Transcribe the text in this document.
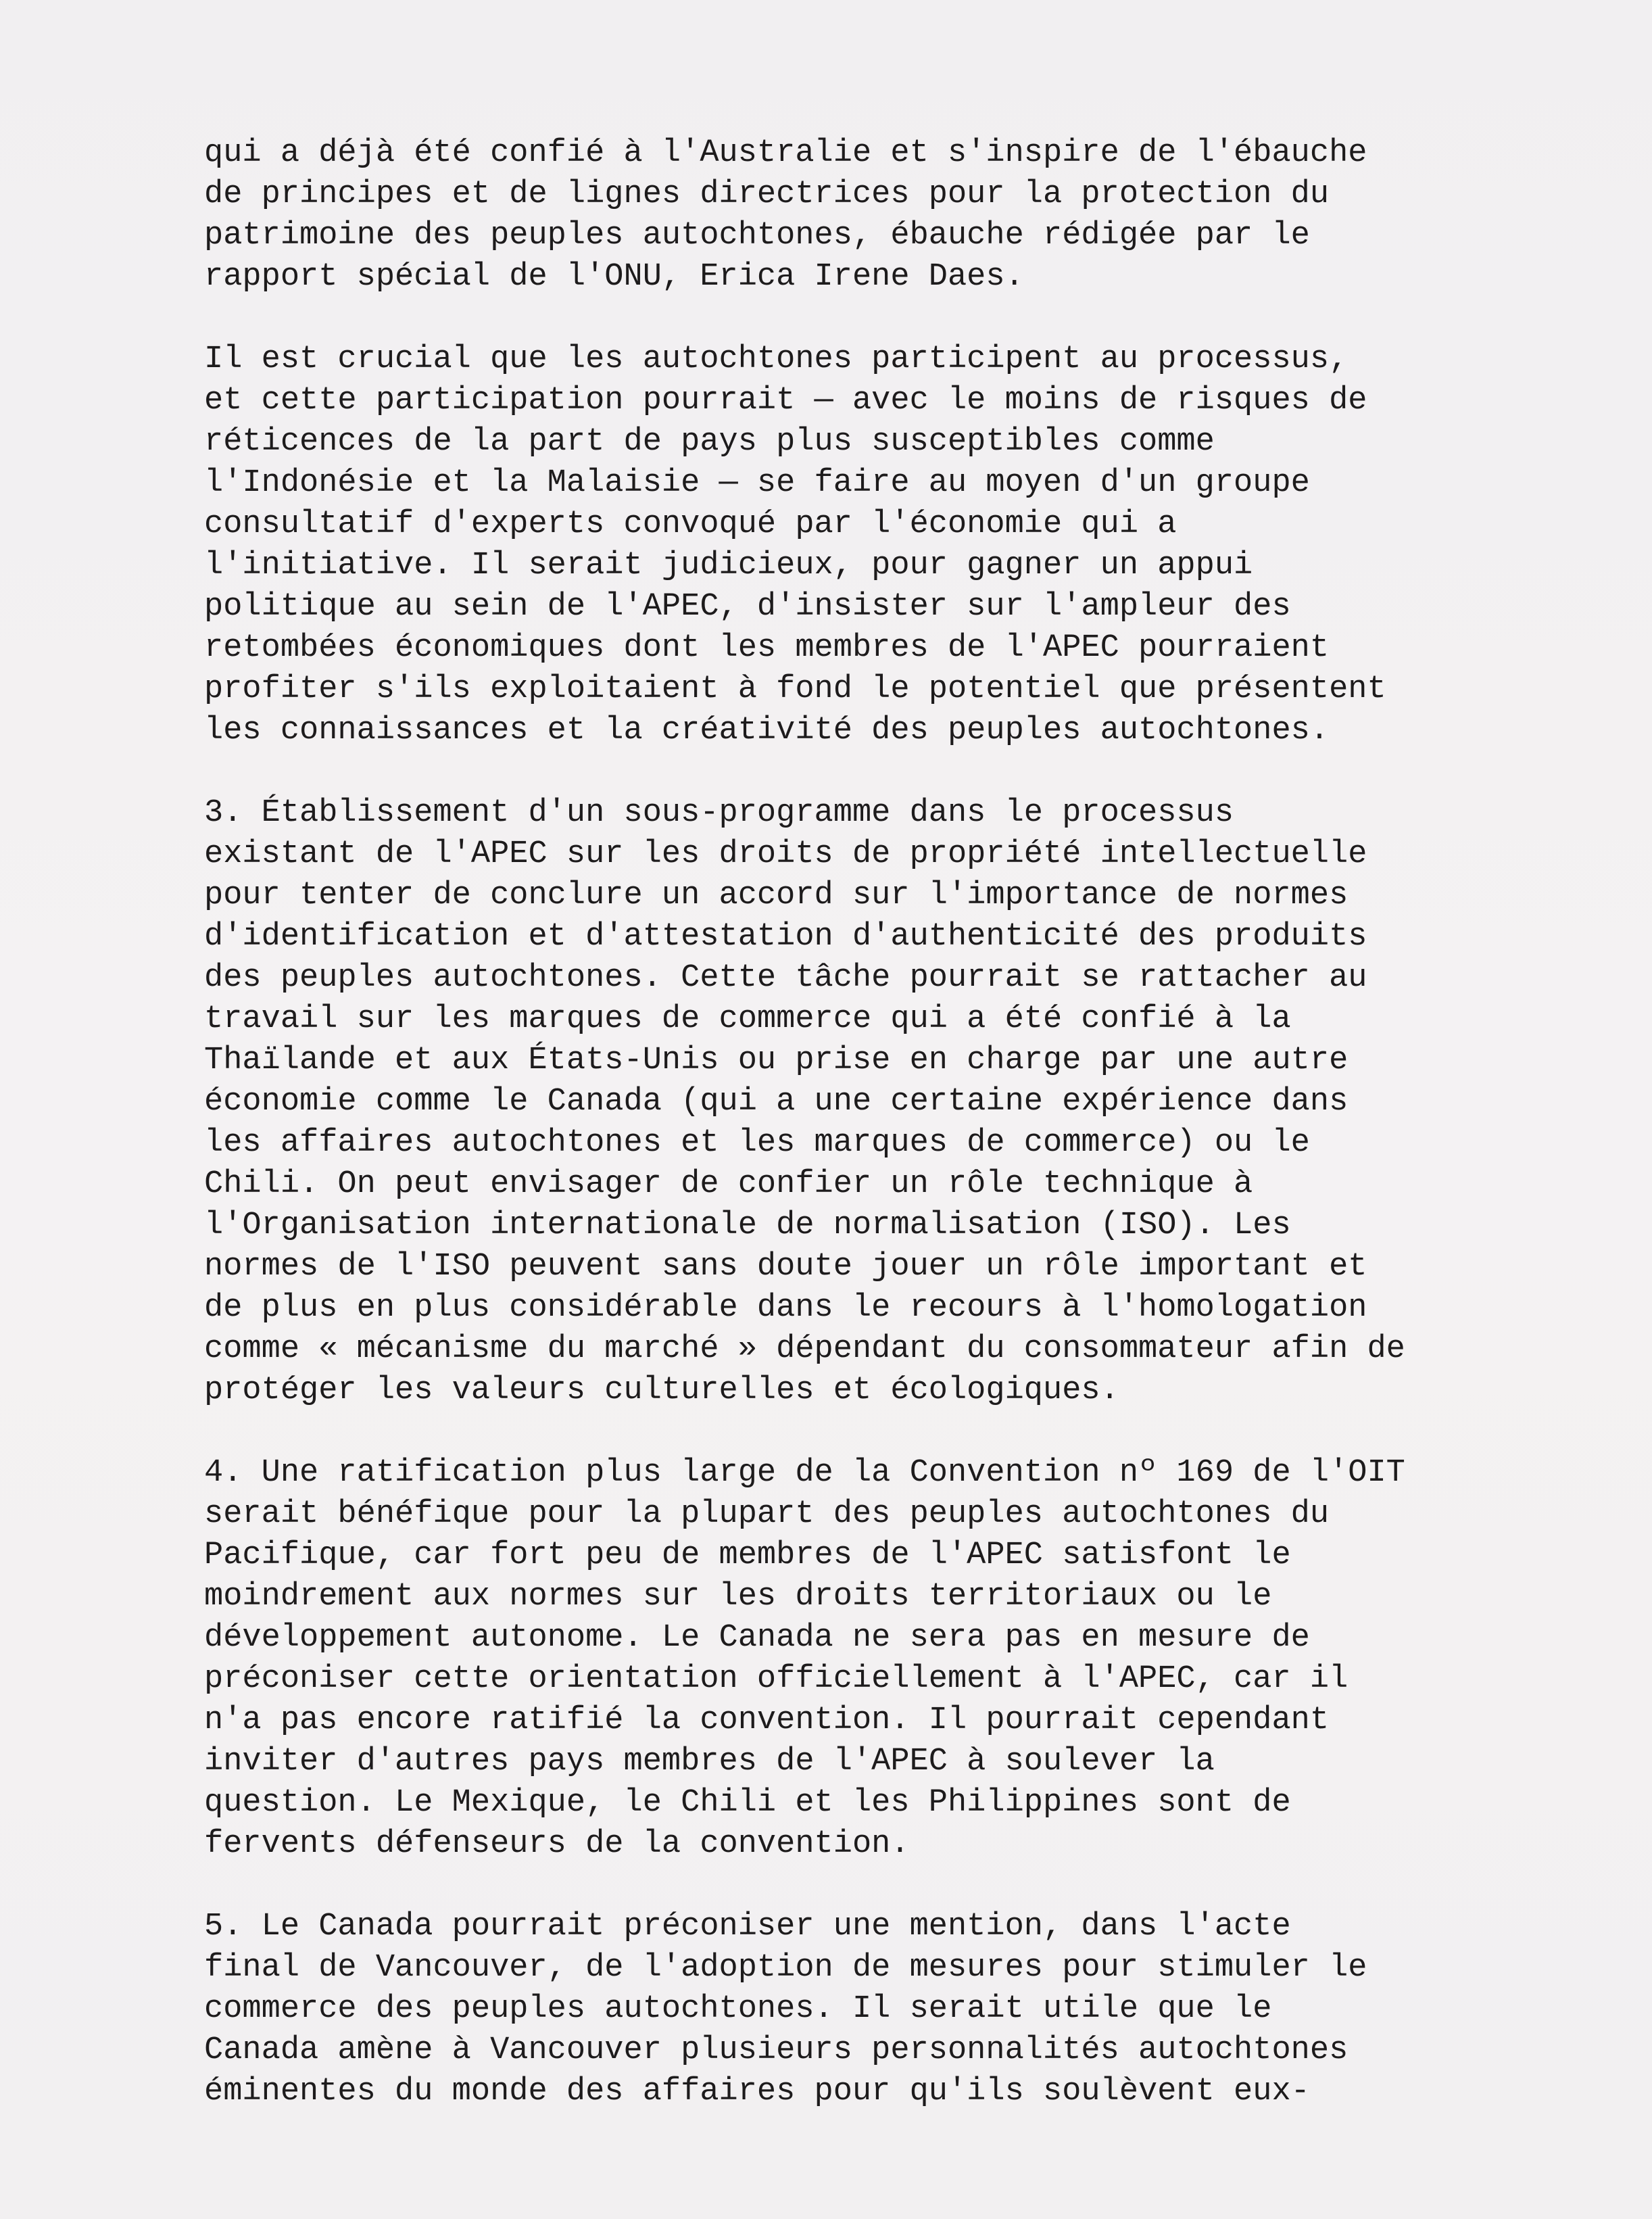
qui a déjà été confié à l'Australie et s'inspire de l'ébauche
de principes et de lignes directrices pour la protection du
patrimoine des peuples autochtones, ébauche rédigée par le
rapport spécial de l'ONU, Erica Irene Daes.

Il est crucial que les autochtones participent au processus,
et cette participation pourrait — avec le moins de risques de
réticences de la part de pays plus susceptibles comme
l'Indonésie et la Malaisie — se faire au moyen d'un groupe
consultatif d'experts convoqué par l'économie qui a
l'initiative. Il serait judicieux, pour gagner un appui
politique au sein de l'APEC, d'insister sur l'ampleur des
retombées économiques dont les membres de l'APEC pourraient
profiter s'ils exploitaient à fond le potentiel que présentent
les connaissances et la créativité des peuples autochtones.

3. Établissement d'un sous-programme dans le processus
existant de l'APEC sur les droits de propriété intellectuelle
pour tenter de conclure un accord sur l'importance de normes
d'identification et d'attestation d'authenticité des produits
des peuples autochtones. Cette tâche pourrait se rattacher au
travail sur les marques de commerce qui a été confié à la
Thaïlande et aux États-Unis ou prise en charge par une autre
économie comme le Canada (qui a une certaine expérience dans
les affaires autochtones et les marques de commerce) ou le
Chili. On peut envisager de confier un rôle technique à
l'Organisation internationale de normalisation (ISO). Les
normes de l'ISO peuvent sans doute jouer un rôle important et
de plus en plus considérable dans le recours à l'homologation
comme « mécanisme du marché » dépendant du consommateur afin de
protéger les valeurs culturelles et écologiques.

4. Une ratification plus large de la Convention nº 169 de l'OIT
serait bénéfique pour la plupart des peuples autochtones du
Pacifique, car fort peu de membres de l'APEC satisfont le
moindrement aux normes sur les droits territoriaux ou le
développement autonome. Le Canada ne sera pas en mesure de
préconiser cette orientation officiellement à l'APEC, car il
n'a pas encore ratifié la convention. Il pourrait cependant
inviter d'autres pays membres de l'APEC à soulever la
question. Le Mexique, le Chili et les Philippines sont de
fervents défenseurs de la convention.

5. Le Canada pourrait préconiser une mention, dans l'acte
final de Vancouver, de l'adoption de mesures pour stimuler le
commerce des peuples autochtones. Il serait utile que le
Canada amène à Vancouver plusieurs personnalités autochtones
éminentes du monde des affaires pour qu'ils soulèvent eux-
